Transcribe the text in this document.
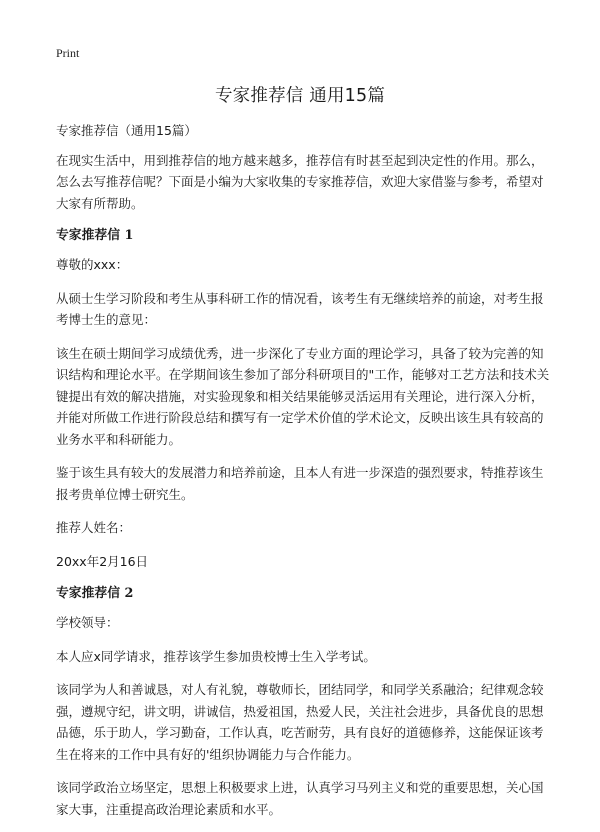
Print
专家推荐信 通用15篇

专家推荐信（通用15篇）

在现实生活中，用到推荐信的地方越来越多，推荐信有时甚至起到决定性的作用。那么，怎么去写推荐信呢？下面是小编为大家收集的专家推荐信，欢迎大家借鉴与参考，希望对大家有所帮助。

专家推荐信 1

尊敬的xxx：

从硕士生学习阶段和考生从事科研工作的情况看，该考生有无继续培养的前途，对考生报考博士生的意见：

该生在硕士期间学习成绩优秀，进一步深化了专业方面的理论学习，具备了较为完善的知识结构和理论水平。在学期间该生参加了部分科研项目的"工作，能够对工艺方法和技术关键提出有效的解决措施，对实验现象和相关结果能够灵活运用有关理论，进行深入分析，并能对所做工作进行阶段总结和撰写有一定学术价值的学术论文，反映出该生具有较高的业务水平和科研能力。

鉴于该生具有较大的发展潜力和培养前途，且本人有进一步深造的强烈要求，特推荐该生报考贵单位博士研究生。

推荐人姓名：

20xx年2月16日

专家推荐信 2

学校领导：

本人应x同学请求，推荐该学生参加贵校博士生入学考试。

该同学为人和善诚恳，对人有礼貌，尊敬师长，团结同学，和同学关系融洽；纪律观念较强，遵规守纪，讲文明，讲诚信，热爱祖国，热爱人民，关注社会进步，具备优良的思想品德，乐于助人，学习勤奋，工作认真，吃苦耐劳，具有良好的道德修养，这能保证该考生在将来的工作中具有好的'组织协调能力与合作能力。

该同学政治立场坚定，思想上积极要求上进，认真学习马列主义和党的重要思想，关心国家大事，注重提高政治理论素质和水平。
